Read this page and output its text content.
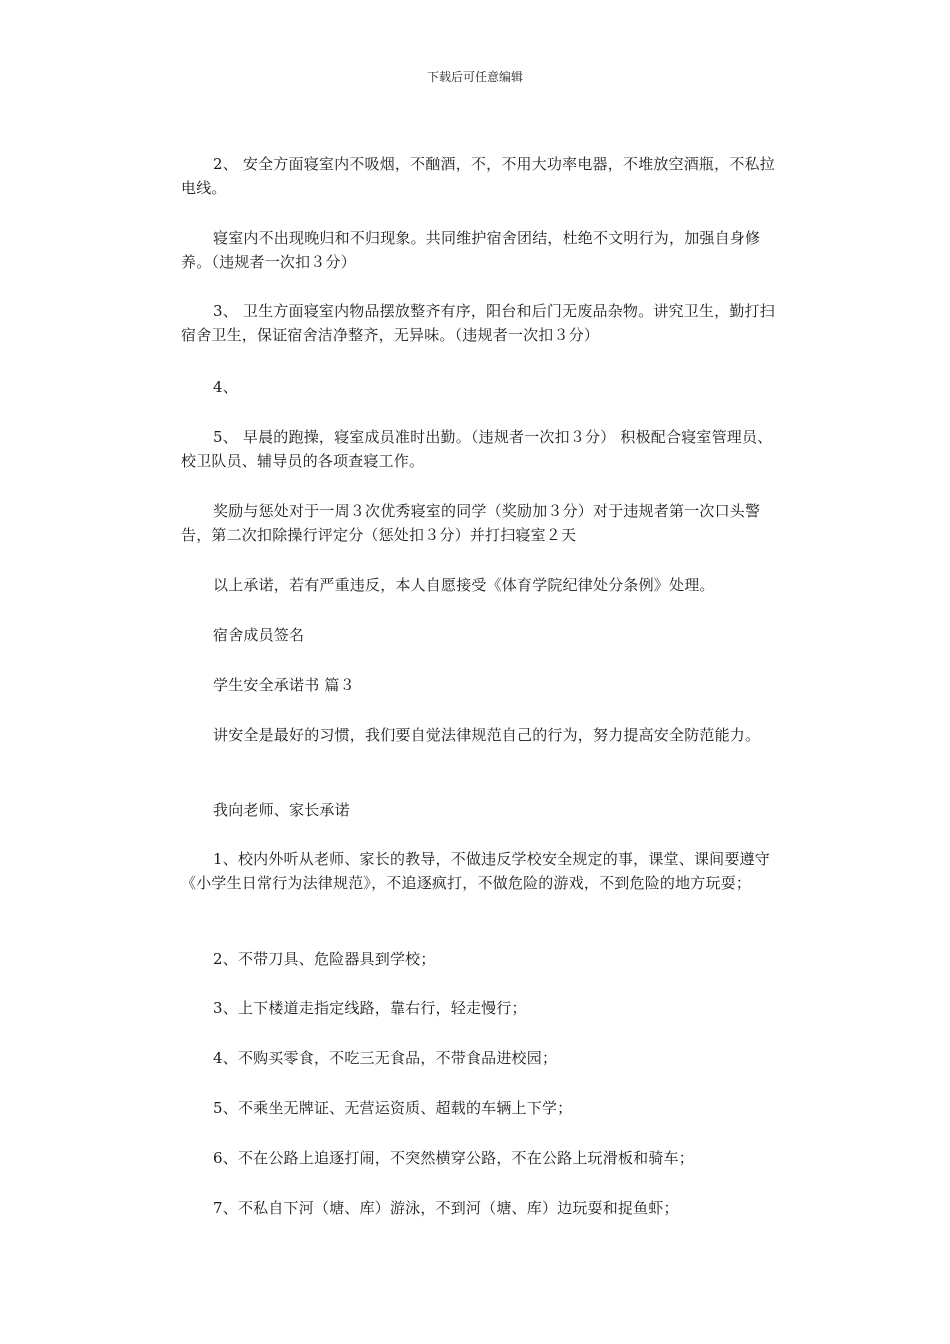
下载后可任意编辑

2、 安全方面寝室内不吸烟，不酗酒，不，不用大功率电器，不堆放空酒瓶，不私拉电线。

寝室内不出现晚归和不归现象。共同维护宿舍团结，杜绝不文明行为，加强自身修养。（违规者一次扣３分）

3、 卫生方面寝室内物品摆放整齐有序，阳台和后门无废品杂物。讲究卫生，勤打扫宿舍卫生，保证宿舍洁净整齐，无异味。（违规者一次扣３分）

4、

5、 早晨的跑操，寝室成员准时出勤。（违规者一次扣３分） 积极配合寝室管理员、校卫队员、辅导员的各项查寝工作。

奖励与惩处对于一周３次优秀寝室的同学（奖励加３分）对于违规者第一次口头警告，第二次扣除操行评定分（惩处扣３分）并打扫寝室２天

以上承诺，若有严重违反，本人自愿接受《体育学院纪律处分条例》处理。

宿舍成员签名

学生安全承诺书 篇３

讲安全是最好的习惯，我们要自觉法律规范自己的行为，努力提高安全防范能力。

我向老师、家长承诺

1、校内外听从老师、家长的教导，不做违反学校安全规定的事，课堂、课间要遵守《小学生日常行为法律规范》，不追逐疯打，不做危险的游戏，不到危险的地方玩耍；

2、不带刀具、危险器具到学校；

3、上下楼道走指定线路，靠右行，轻走慢行；

4、不购买零食，不吃三无食品，不带食品进校园；

5、不乘坐无牌证、无营运资质、超载的车辆上下学；

6、不在公路上追逐打闹，不突然横穿公路，不在公路上玩滑板和骑车；

7、不私自下河（塘、库）游泳，不到河（塘、库）边玩耍和捉鱼虾；
